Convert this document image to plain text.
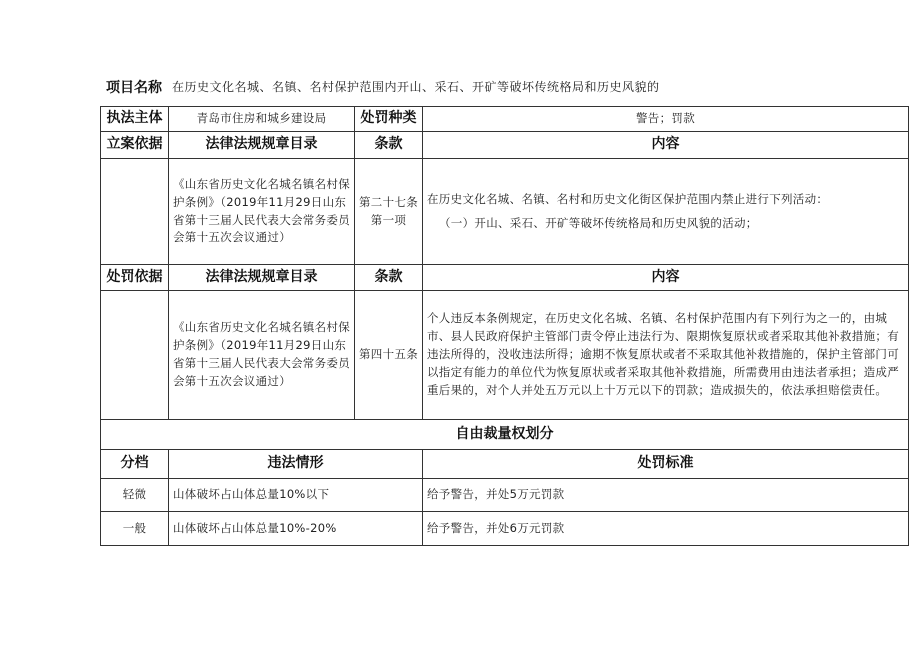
项目名称 在历史文化名城、名镇、名村保护范围内开山、采石、开矿等破坏传统格局和历史风貌的
执法主体	青岛市住房和城乡建设局	处罚种类	警告；罚款
立案依据	法律法规规章目录	条款	内容
	《山东省历史文化名城名镇名村保护条例》（2019年11月29日山东省第十三届人民代表大会常务委员会第十五次会议通过）	第二十七条第一项	在历史文化名城、名镇、名村和历史文化街区保护范围内禁止进行下列活动：
（一）开山、采石、开矿等破坏传统格局和历史风貌的活动；

处罚依据	法律法规规章目录	条款	内容
	《山东省历史文化名城名镇名村保护条例》（2019年11月29日山东省第十三届人民代表大会常务委员会第十五次会议通过）	第四十五条	个人违反本条例规定，在历史文化名城、名镇、名村保护范围内有下列行为之一的，由城市、县人民政府保护主管部门责令停止违法行为、限期恢复原状或者采取其他补救措施；有违法所得的，没收违法所得；逾期不恢复原状或者不采取其他补救措施的，保护主管部门可以指定有能力的单位代为恢复原状或者采取其他补救措施，所需费用由违法者承担；造成严重后果的，对个人并处五万元以上十万元以下的罚款；造成损失的，依法承担赔偿责任。
自由裁量权划分			
分档	违法情形		处罚标准
轻微	山体破坏占山体总量10%以下		给予警告，并处5万元罚款
一般	山体破坏占山体总量10%-20%		给予警告，并处6万元罚款
